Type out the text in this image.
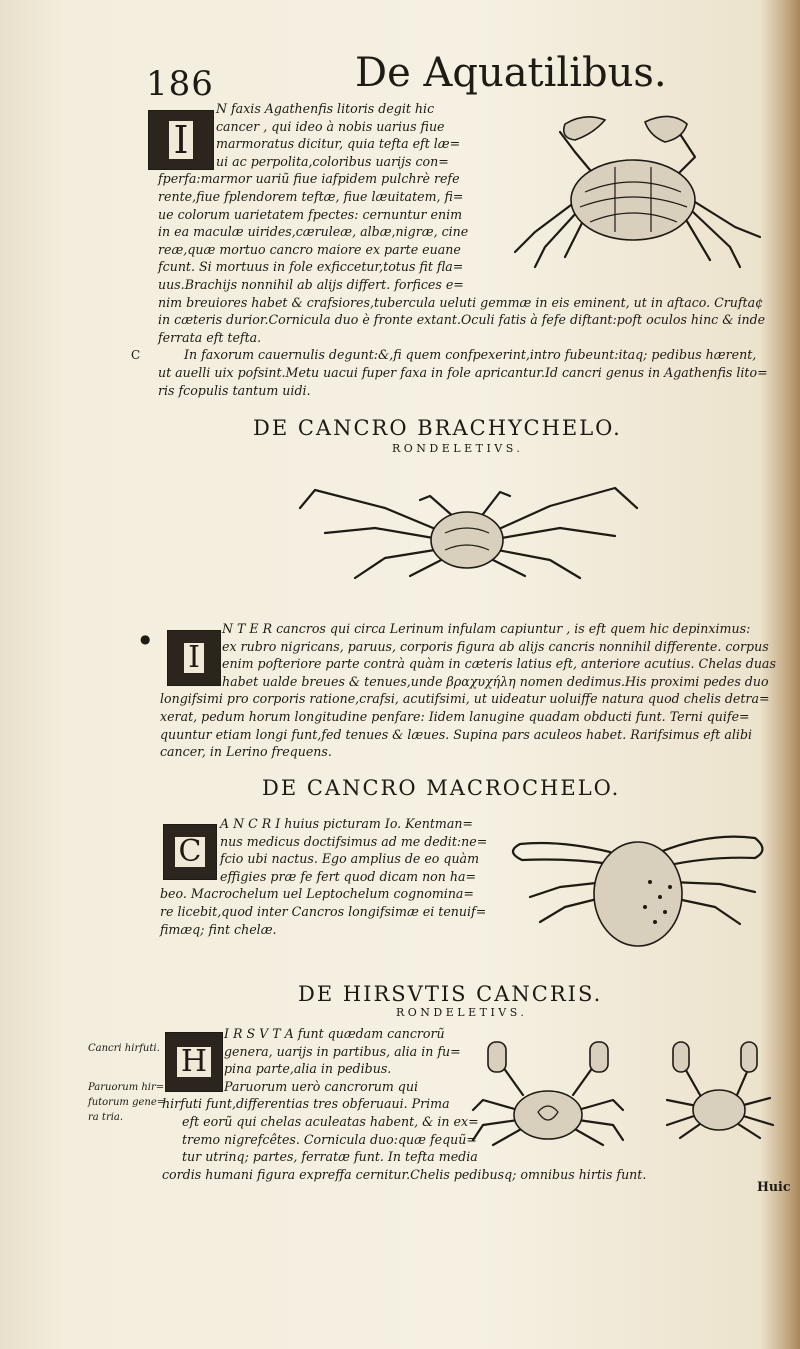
186	De Aquatilibus.
I
N faxis Agathenfis litoris degit hic
cancer , qui ideo à nobis uarius fiue
marmoratus dicitur, quia tefta eft læ=
ui ac perpolita,coloribus uarijs con=
fperfa:marmor uariũ fiue iafpidem pulchrè refe
rente,fiue fplendorem teftæ, fiue læuitatem, fi=
ue colorum uarietatem fpectes: cernuntur enim
in ea maculæ uirides,cæruleæ, albæ,nigræ, cine
reæ,quæ mortuo cancro maiore ex parte euane
fcunt. Si mortuus in fole exficcetur,totus fit fla=
uus.Brachijs nonnihil ab alijs differt. forfices e=
nim breuiores habet & crafsiores,tubercula ueluti gemmæ in eis eminent, ut in aftaco. Crufta¢
in cæteris durior.Cornicula duo è fronte extant.Oculi fatis à fefe diftant:poft oculos hinc & inde
ferrata eft tefta.
In faxorum cauernulis degunt:&,fi quem confpexerint,intro fubeunt:itaq; pedibus hærent,
ut auelli uix pofsint.Metu uacui fuper faxa in fole apricantur.Id cancri genus in Agathenfis lito=
ris fcopulis tantum uidi.
C
DE CANCRO BRACHYCHELO.
RONDELETIVS.
I
●
N T E R cancros qui circa Lerinum infulam capiuntur , is eft quem hic depinximus:
ex rubro nigricans, paruus, corporis figura ab alijs cancris nonnihil differente. corpus
enim pofteriore parte contrà quàm in cæteris latius eft, anteriore acutius. Chelas duas
habet ualde breues & tenues,unde βραχυχήλη nomen dedimus.His proximi pedes duo
longifsimi pro corporis ratione,crafsi, acutifsimi, ut uideatur uoluiffe natura quod chelis detra=
xerat, pedum horum longitudine penfare: Iidem lanugine quadam obducti funt. Terni quife=
quuntur etiam longi funt,fed tenues & læues. Supina pars aculeos habet. Rarifsimus eft alibi
cancer, in Lerino frequens.
DE CANCRO MACROCHELO.
C
A N C R I huius picturam Io. Kentman=
nus medicus doctifsimus ad me dedit:ne=
fcio ubi nactus. Ego amplius de eo quàm
effigies præ fe fert quod dicam non ha=
beo. Macrochelum uel Leptochelum cognomina=
re licebit,quod inter Cancros longifsimæ ei tenuif=
fimæq; fint chelæ.
DE HIRSVTIS CANCRIS.
RONDELETIVS.
Cancri hirfuti.
Paruorum hir=
futorum gene=
ra tria.
H
I R S V T A funt quædam cancrorũ
genera, uarijs in partibus, alia in fu=
pina parte,alia in pedibus.
Paruorum uerò cancrorum qui
hirfuti funt,differentias tres obferuaui. Prima
eft eorũ qui chelas aculeatas habent, & in ex=
tremo nigrefcêtes. Cornicula duo:quæ fequũ=
tur utrinq; partes, ferratæ funt. In tefta media
cordis humani figura expreffa cernitur.Chelis pedibusq; omnibus hirtis funt.
Huic
